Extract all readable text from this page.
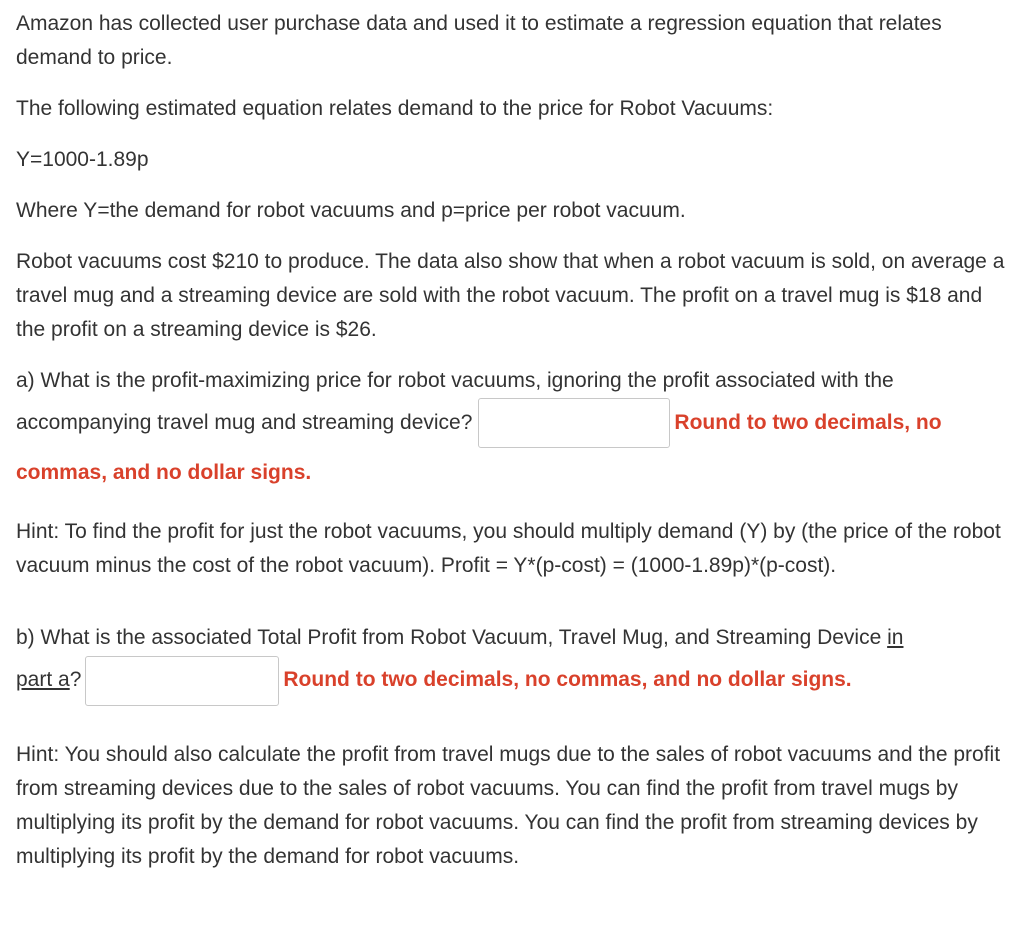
Amazon has collected user purchase data and used it to estimate a regression equation that relates demand to price.

The following estimated equation relates demand to the price for Robot Vacuums:

Y=1000-1.89p

Where Y=the demand for robot vacuums and p=price per robot vacuum.

Robot vacuums cost $210 to produce. The data also show that when a robot vacuum is sold, on average a travel mug and a streaming device are sold with the robot vacuum. The profit on a travel mug is $18 and the profit on a streaming device is $26.

a) What is the profit-maximizing price for robot vacuums, ignoring the profit associated with the

accompanying travel mug and streaming device?	Round to two decimals, no
commas, and no dollar signs.

Hint: To find the profit for just the robot vacuums, you should multiply demand (Y) by (the price of the robot vacuum minus the cost of the robot vacuum). Profit = Y*(p-cost) = (1000-1.89p)*(p-cost).

b) What is the associated Total Profit from Robot Vacuum, Travel Mug, and Streaming Device in
part a?	Round to two decimals, no commas, and no dollar signs.

Hint: You should also calculate the profit from travel mugs due to the sales of robot vacuums and the profit from streaming devices due to the sales of robot vacuums. You can find the profit from travel mugs by multiplying its profit by the demand for robot vacuums. You can find the profit from streaming devices by multiplying its profit by the demand for robot vacuums.
